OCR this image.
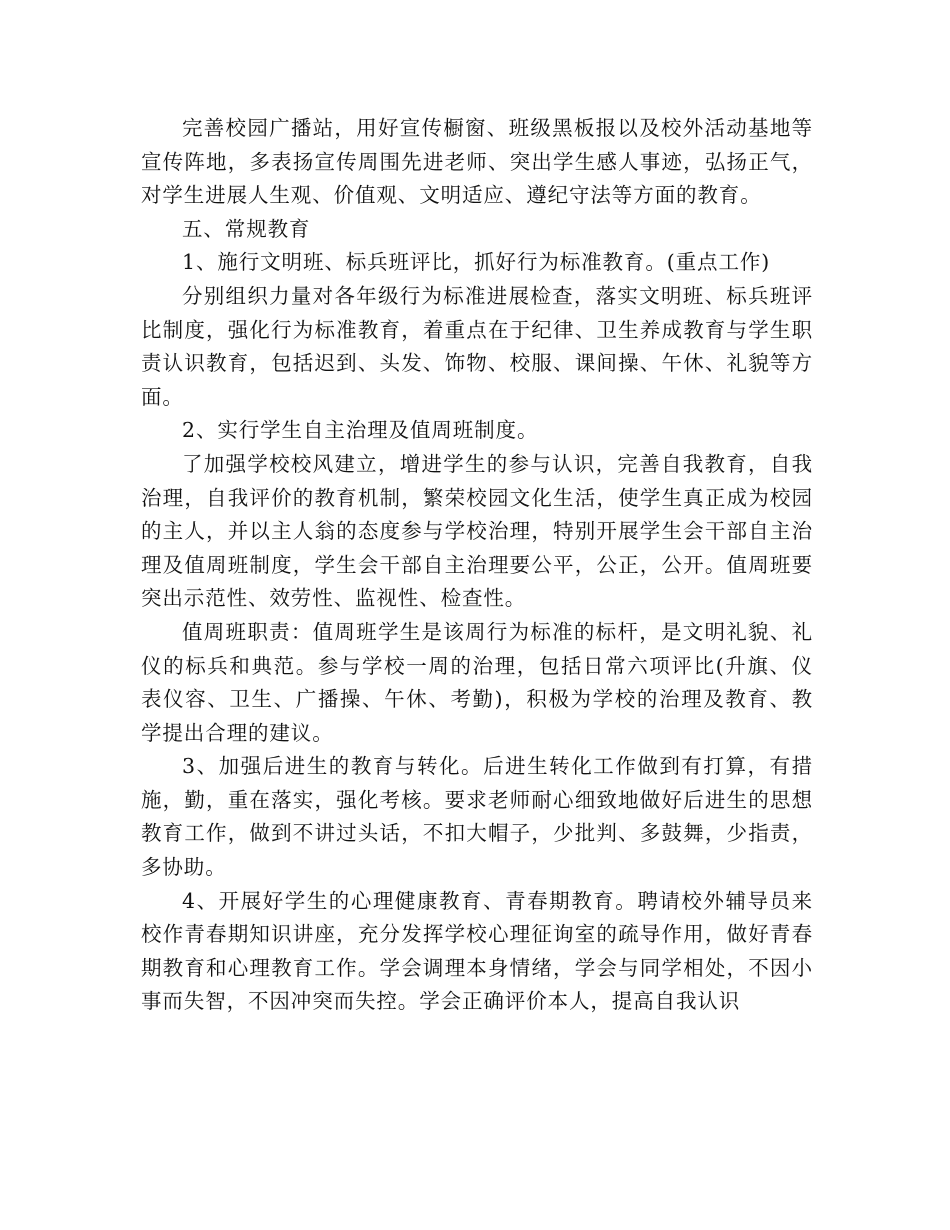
完善校园广播站，用好宣传橱窗、班级黑板报以及校外活动基地等宣传阵地，多表扬宣传周围先进老师、突出学生感人事迹，弘扬正气，对学生进展人生观、价值观、文明适应、遵纪守法等方面的教育。

五、常规教育

1、施行文明班、标兵班评比，抓好行为标准教育。(重点工作)

分别组织力量对各年级行为标准进展检查，落实文明班、标兵班评比制度，强化行为标准教育，着重点在于纪律、卫生养成教育与学生职责认识教育，包括迟到、头发、饰物、校服、课间操、午休、礼貌等方面。

2、实行学生自主治理及值周班制度。

了加强学校校风建立，增进学生的参与认识，完善自我教育，自我治理，自我评价的教育机制，繁荣校园文化生活，使学生真正成为校园的主人，并以主人翁的态度参与学校治理，特别开展学生会干部自主治理及值周班制度，学生会干部自主治理要公平，公正，公开。值周班要突出示范性、效劳性、监视性、检查性。

值周班职责：值周班学生是该周行为标准的标杆，是文明礼貌、礼仪的标兵和典范。参与学校一周的治理，包括日常六项评比(升旗、仪表仪容、卫生、广播操、午休、考勤)，积极为学校的治理及教育、教学提出合理的建议。

3、加强后进生的教育与转化。后进生转化工作做到有打算，有措施，勤，重在落实，强化考核。要求老师耐心细致地做好后进生的思想教育工作，做到不讲过头话，不扣大帽子，少批判、多鼓舞，少指责，多协助。

4、开展好学生的心理健康教育、青春期教育。聘请校外辅导员来校作青春期知识讲座，充分发挥学校心理征询室的疏导作用，做好青春期教育和心理教育工作。学会调理本身情绪，学会与同学相处，不因小事而失智，不因冲突而失控。学会正确评价本人，提高自我认识
